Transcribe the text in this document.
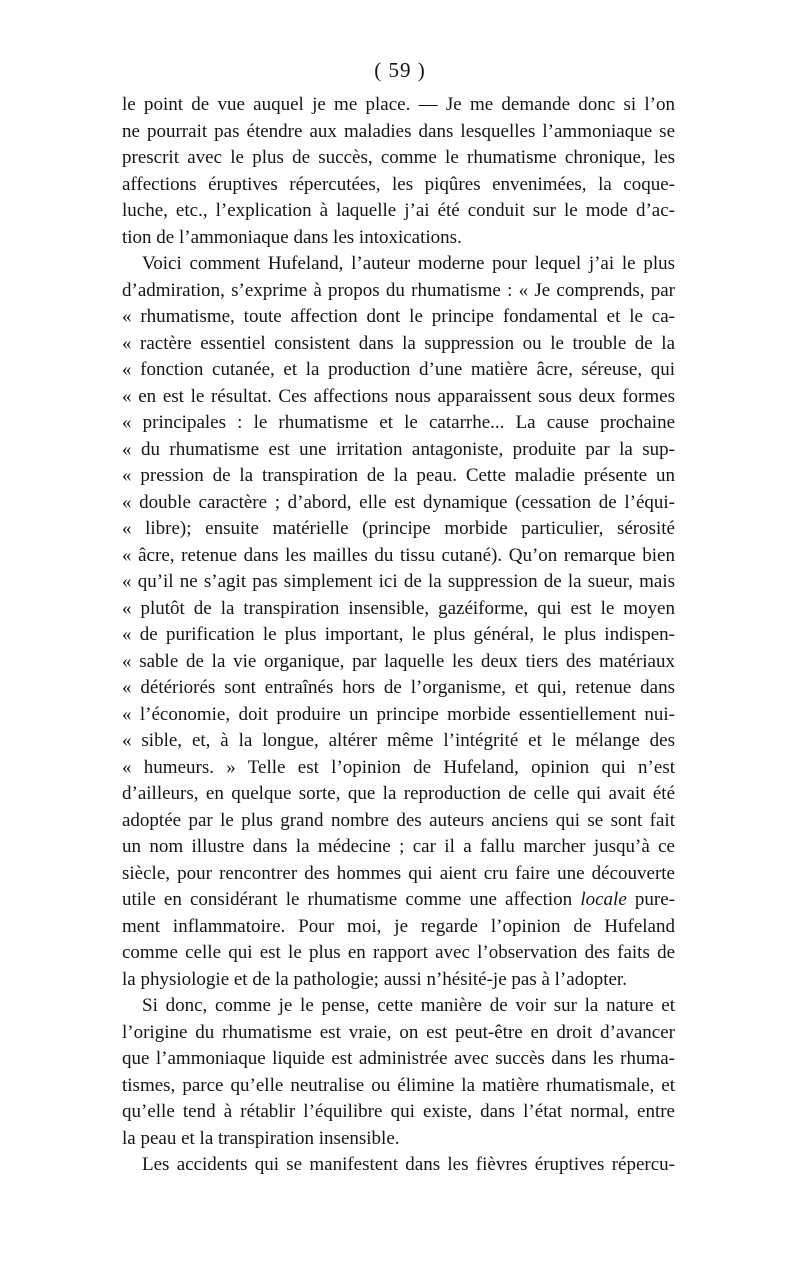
( 59 )
le point de vue auquel je me place. — Je me demande donc si l’on
ne pourrait pas étendre aux maladies dans lesquelles l’ammoniaque se
prescrit avec le plus de succès, comme le rhumatisme chronique, les
affections éruptives répercutées, les piqûres envenimées, la coque-
luche, etc., l’explication à laquelle j’ai été conduit sur le mode d’ac-
tion de l’ammoniaque dans les intoxications.
Voici comment Hufeland, l’auteur moderne pour lequel j’ai le plus
d’admiration, s’exprime à propos du rhumatisme : « Je comprends, par
« rhumatisme, toute affection dont le principe fondamental et le ca-
« ractère essentiel consistent dans la suppression ou le trouble de la
« fonction cutanée, et la production d’une matière âcre, séreuse, qui
« en est le résultat. Ces affections nous apparaissent sous deux formes
« principales : le rhumatisme et le catarrhe... La cause prochaine
« du rhumatisme est une irritation antagoniste, produite par la sup-
« pression de la transpiration de la peau. Cette maladie présente un
« double caractère ; d’abord, elle est dynamique (cessation de l’équi-
« libre); ensuite matérielle (principe morbide particulier, sérosité
« âcre, retenue dans les mailles du tissu cutané). Qu’on remarque bien
« qu’il ne s’agit pas simplement ici de la suppression de la sueur, mais
« plutôt de la transpiration insensible, gazéiforme, qui est le moyen
« de purification le plus important, le plus général, le plus indispen-
« sable de la vie organique, par laquelle les deux tiers des matériaux
« détériorés sont entraînés hors de l’organisme, et qui, retenue dans
« l’économie, doit produire un principe morbide essentiellement nui-
« sible, et, à la longue, altérer même l’intégrité et le mélange des
« humeurs. » Telle est l’opinion de Hufeland, opinion qui n’est
d’ailleurs, en quelque sorte, que la reproduction de celle qui avait été
adoptée par le plus grand nombre des auteurs anciens qui se sont fait
un nom illustre dans la médecine ; car il a fallu marcher jusqu’à ce
siècle, pour rencontrer des hommes qui aient cru faire une découverte
utile en considérant le rhumatisme comme une affection locale pure-
ment inflammatoire. Pour moi, je regarde l’opinion de Hufeland
comme celle qui est le plus en rapport avec l’observation des faits de
la physiologie et de la pathologie; aussi n’hésité-je pas à l’adopter.
Si donc, comme je le pense, cette manière de voir sur la nature et
l’origine du rhumatisme est vraie, on est peut-être en droit d’avancer
que l’ammoniaque liquide est administrée avec succès dans les rhuma-
tismes, parce qu’elle neutralise ou élimine la matière rhumatismale, et
qu’elle tend à rétablir l’équilibre qui existe, dans l’état normal, entre
la peau et la transpiration insensible.
Les accidents qui se manifestent dans les fièvres éruptives répercu-
